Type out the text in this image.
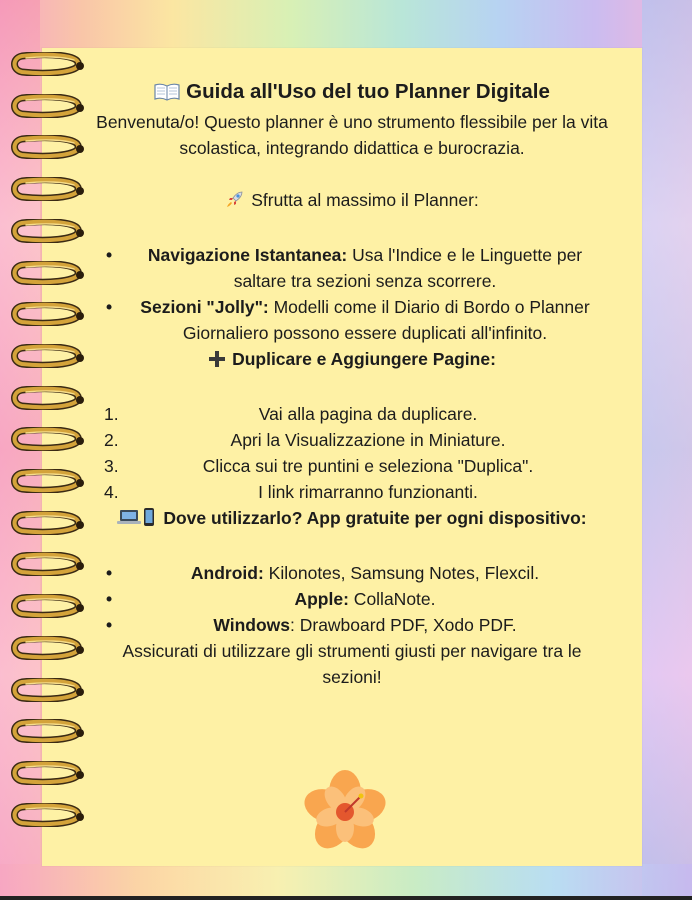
Guida all'Uso del tuo Planner Digitale

Benvenuta/o! Questo planner è uno strumento flessibile per la vita scolastica, integrando didattica e burocrazia.

Sfrutta al massimo il Planner:

• Navigazione Istantanea: Usa l'Indice e le Linguette per saltare tra sezioni senza scorrere.
• Sezioni "Jolly": Modelli come il Diario di Bordo o Planner Giornaliero possono essere duplicati all'infinito.

Duplicare e Aggiungere Pagine:

1.	Vai alla pagina da duplicare.
2.	Apri la Visualizzazione in Miniature.
3.	Clicca sui tre puntini e seleziona "Duplica".
4.	I link rimarranno funzionanti.

Dove utilizzarlo? App gratuite per ogni dispositivo:

•	Android: Kilonotes, Samsung Notes, Flexcil.
•	Apple: CollaNote.
•	Windows: Drawboard PDF, Xodo PDF.

Assicurati di utilizzare gli strumenti giusti per navigare tra le sezioni!
